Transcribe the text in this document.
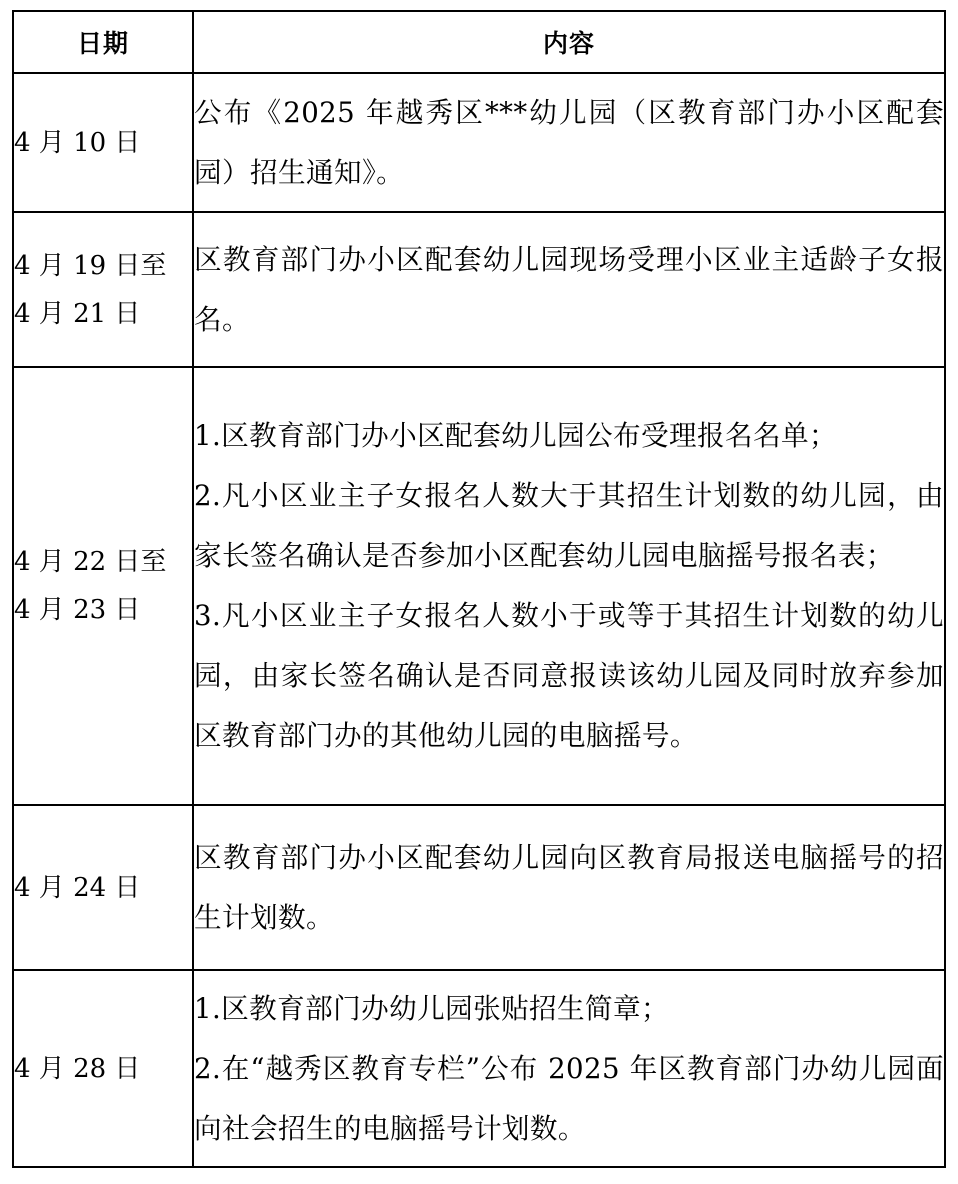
日期	内容
4 月 10 日	公布《2025 年越秀区***幼儿园（区教育部门办小区配套园）招生通知》。

4 月 19 日至
4 月 21 日	区教育部门办小区配套幼儿园现场受理小区业主适龄子女报名。

4 月 22 日至
4 月 23 日	1.区教育部门办小区配套幼儿园公布受理报名名单；
2.凡小区业主子女报名人数大于其招生计划数的幼儿园，由家长签名确认是否参加小区配套幼儿园电脑摇号报名表；
3.凡小区业主子女报名人数小于或等于其招生计划数的幼儿园，由家长签名确认是否同意报读该幼儿园及同时放弃参加区教育部门办的其他幼儿园的电脑摇号。

4 月 24 日	区教育部门办小区配套幼儿园向区教育局报送电脑摇号的招生计划数。

4 月 28 日	1.区教育部门办幼儿园张贴招生简章；
2.在“越秀区教育专栏”公布 2025 年区教育部门办幼儿园面向社会招生的电脑摇号计划数。
